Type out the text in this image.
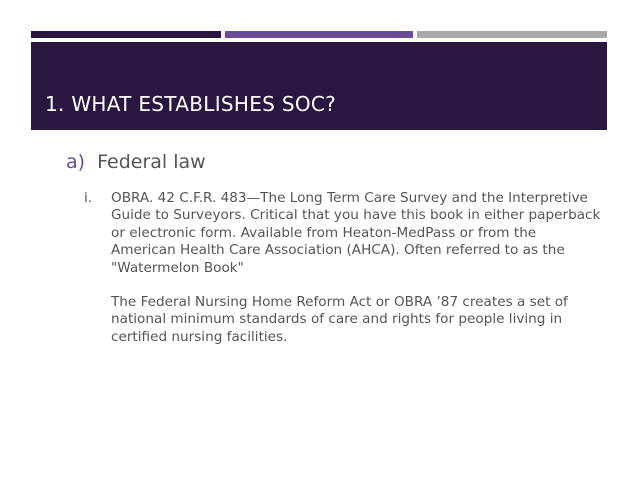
1. WHAT ESTABLISHES SOC?
a) Federal law
i. OBRA. 42 C.F.R. 483—The Long Term Care Survey and the Interpretive Guide to Surveyors. Critical that you have this book in either paperback or electronic form. Available from Heaton-MedPass or from the American Health Care Association (AHCA). Often referred to as the "Watermelon Book"

The Federal Nursing Home Reform Act or OBRA ’87 creates a set of national minimum standards of care and rights for people living in certified nursing facilities.
